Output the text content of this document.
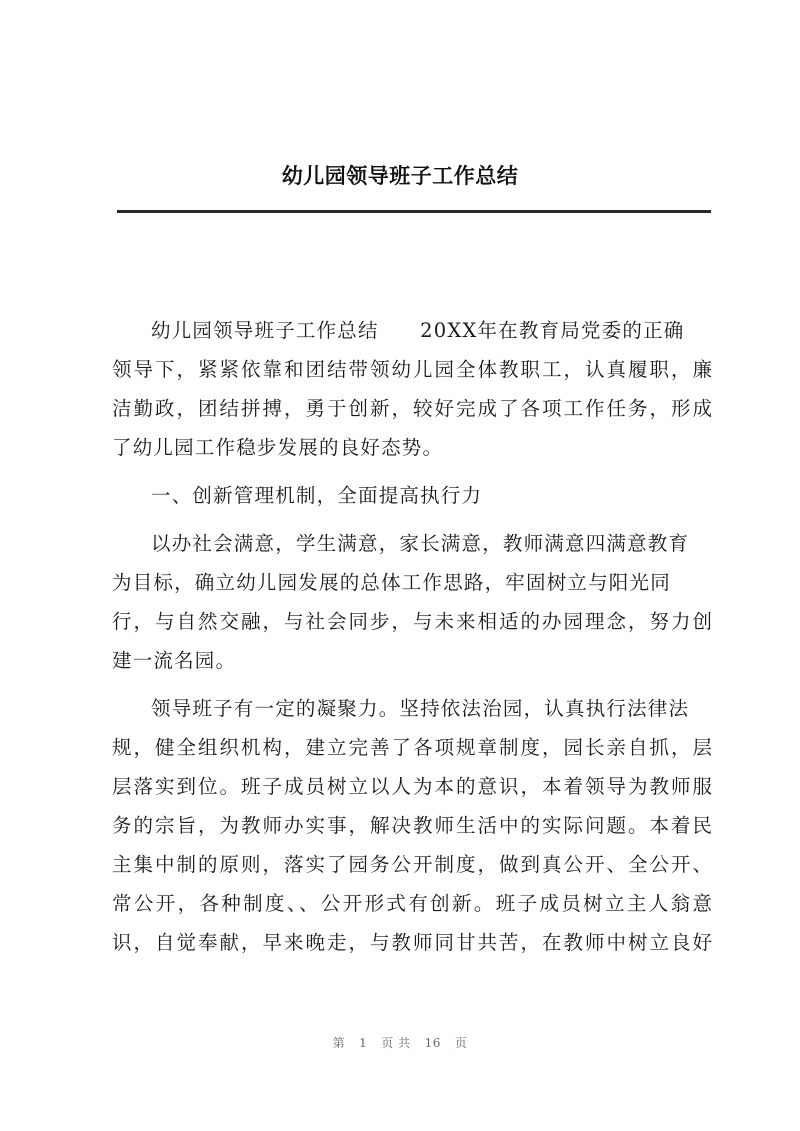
幼儿园领导班子工作总结
幼儿园领导班子工作总结　　20XX年在教育局党委的正确
领导下，紧紧依靠和团结带领幼儿园全体教职工，认真履职，廉
洁勤政，团结拼搏，勇于创新，较好完成了各项工作任务，形成
了幼儿园工作稳步发展的良好态势。
一、创新管理机制，全面提高执行力
以办社会满意，学生满意，家长满意，教师满意四满意教育
为目标，确立幼儿园发展的总体工作思路，牢固树立与阳光同
行，与自然交融，与社会同步，与未来相适的办园理念，努力创
建一流名园。
领导班子有一定的凝聚力。坚持依法治园，认真执行法律法
规，健全组织机构，建立完善了各项规章制度，园长亲自抓，层
层落实到位。班子成员树立以人为本的意识，本着领导为教师服
务的宗旨，为教师办实事，解决教师生活中的实际问题。本着民
主集中制的原则，落实了园务公开制度，做到真公开、全公开、
常公开，各种制度、、公开形式有创新。班子成员树立主人翁意
识，自觉奉献，早来晚走，与教师同甘共苦，在教师中树立良好
第 1 页 共 16 页
